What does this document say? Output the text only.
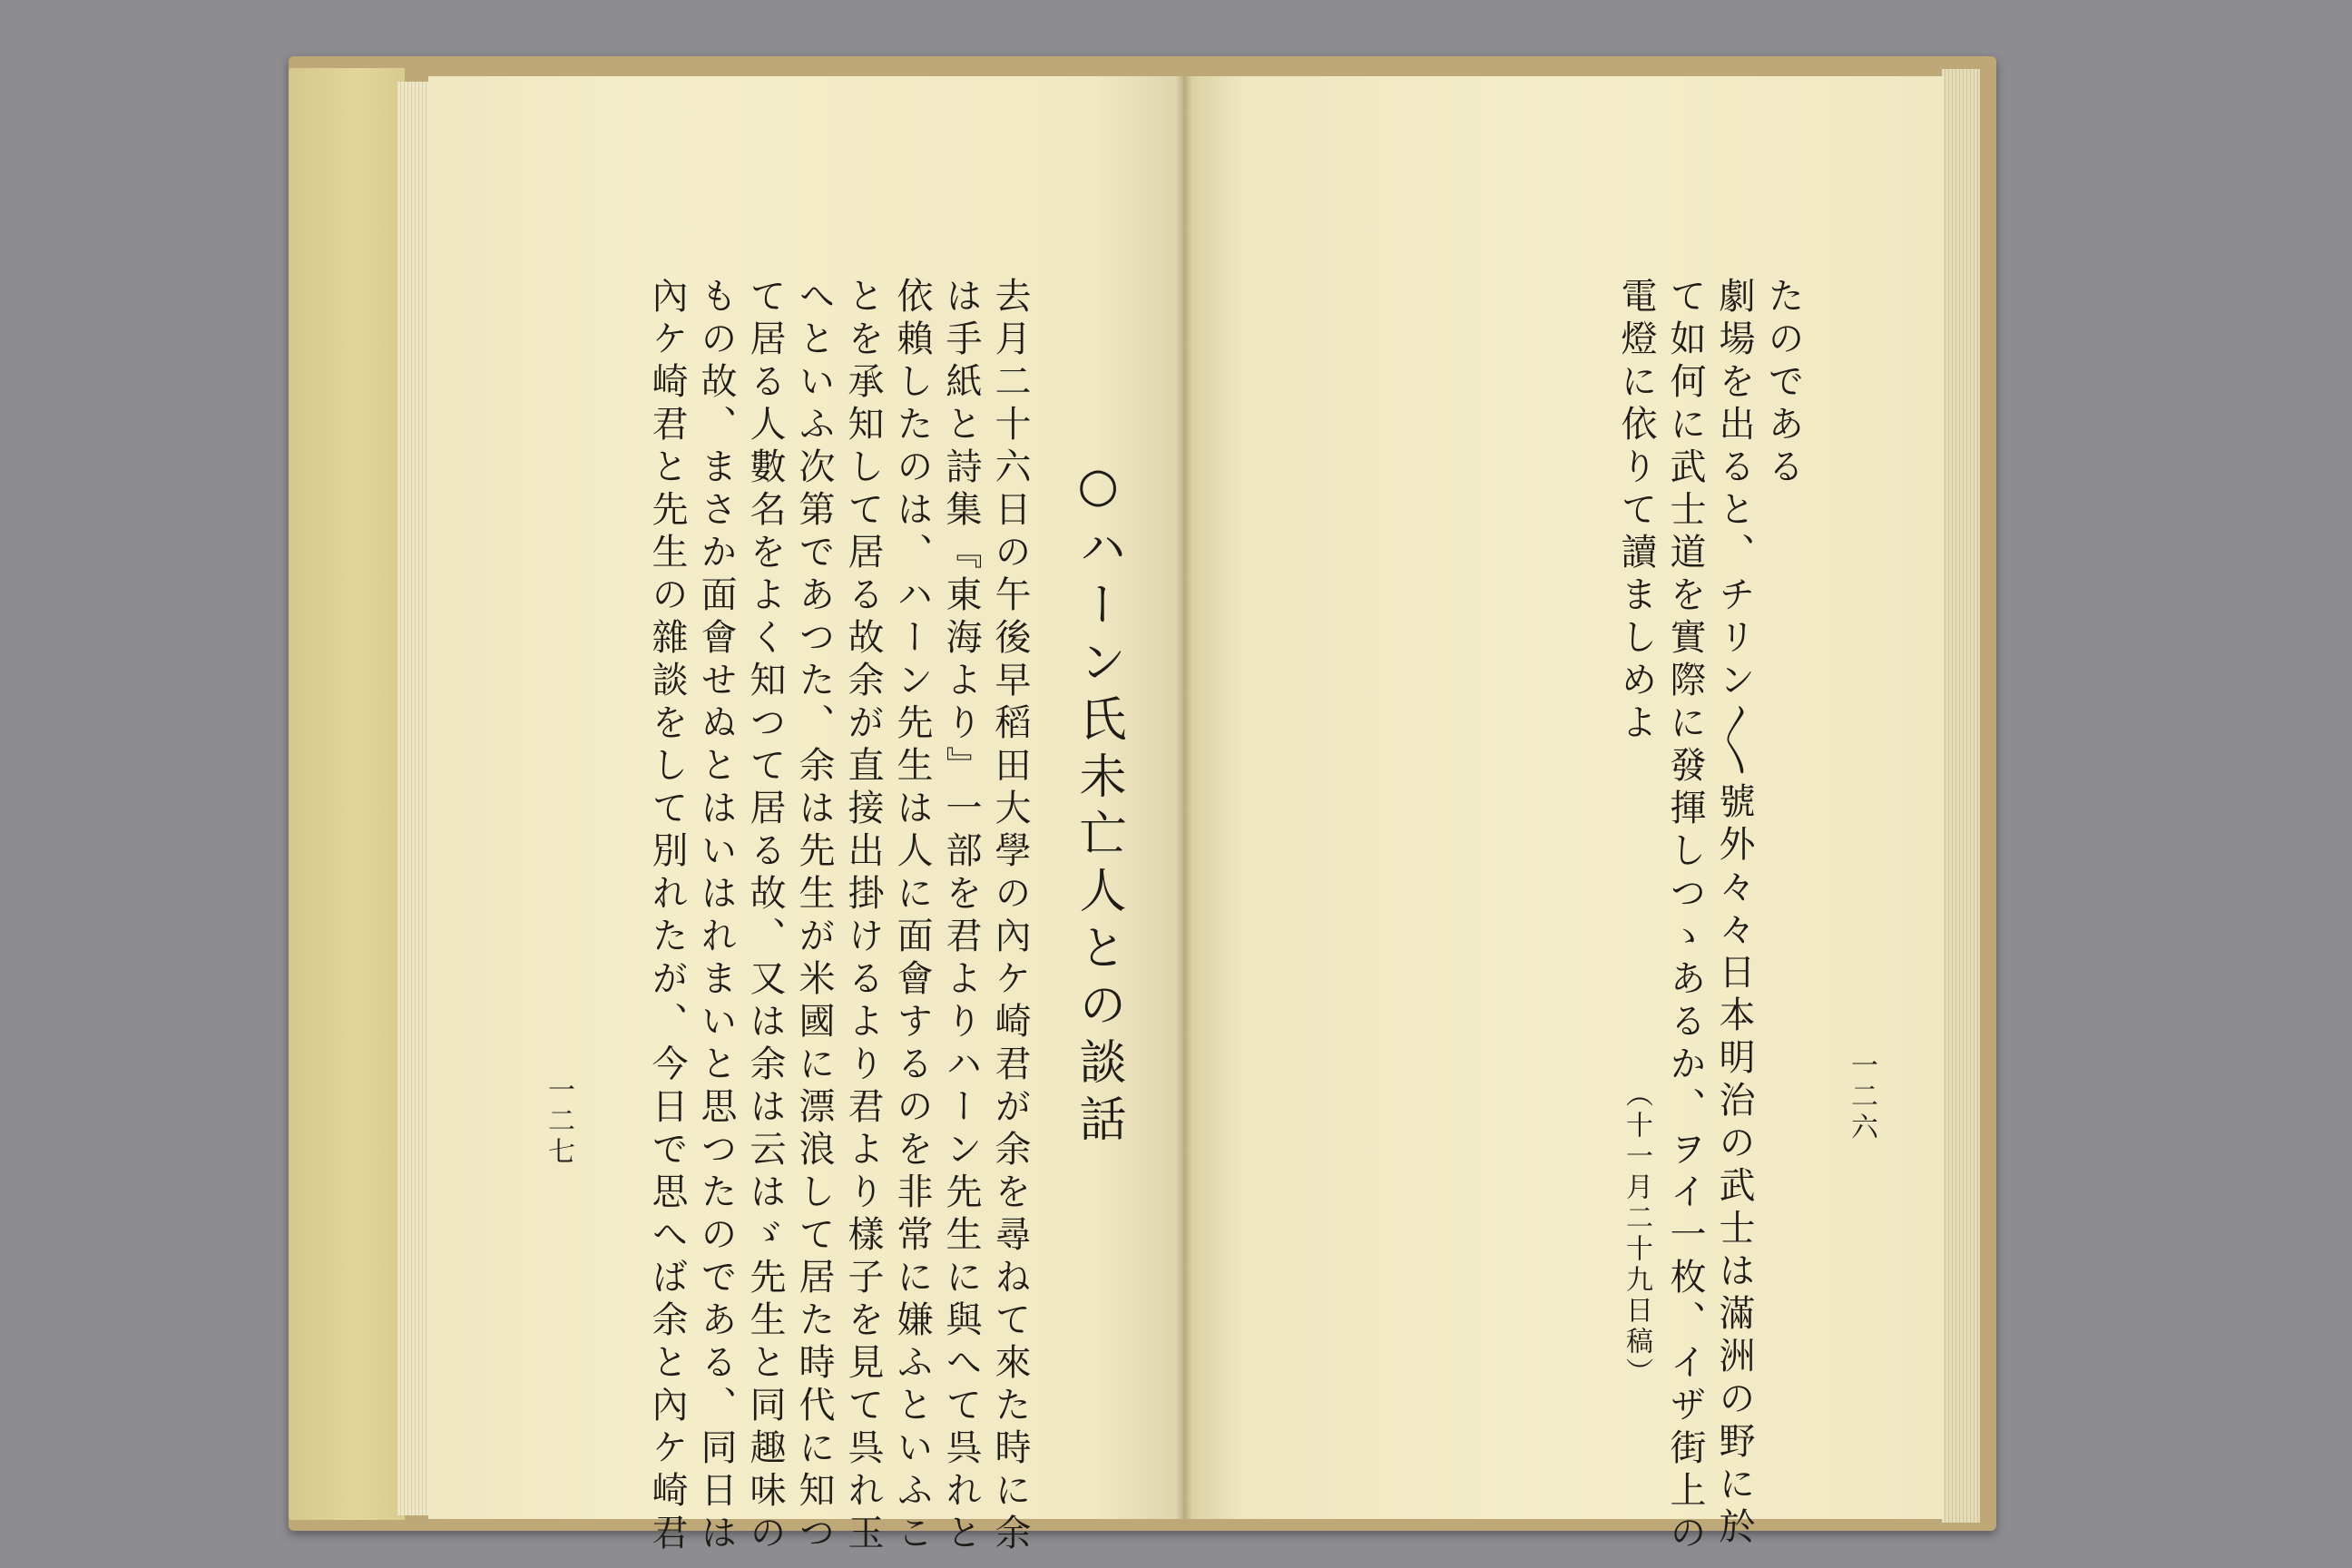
たのである
劇場を出ると、チリン〳〵號外々々日本明治の武士は滿洲の野に於
て如何に武士道を實際に發揮しつゝあるか、ヲイ一枚、イザ街上の
電燈に依りて讀ましめよ
（十一月二十九日稿）	一二六
○ハーン氏未亡人との談話
去月二十六日の午後早稻田大學の內ケ崎君が余を尋ねて來た時に余
は手紙と詩集『東海より』一部を君よりハーン先生に與へて呉れと
依賴したのは、ハーン先生は人に面會するのを非常に嫌ふといふこ
とを承知して居る故余が直接出掛けるより君より樣子を見て呉れ玉
へといふ次第であつた、余は先生が米國に漂浪して居た時代に知つ
て居る人數名をよく知つて居る故、又は余は云はゞ先生と同趣味の
もの故、まさか面會せぬとはいはれまいと思つたのである、同日は
內ケ崎君と先生の雜談をして別れたが、今日で思へば余と內ケ崎君
一二七
